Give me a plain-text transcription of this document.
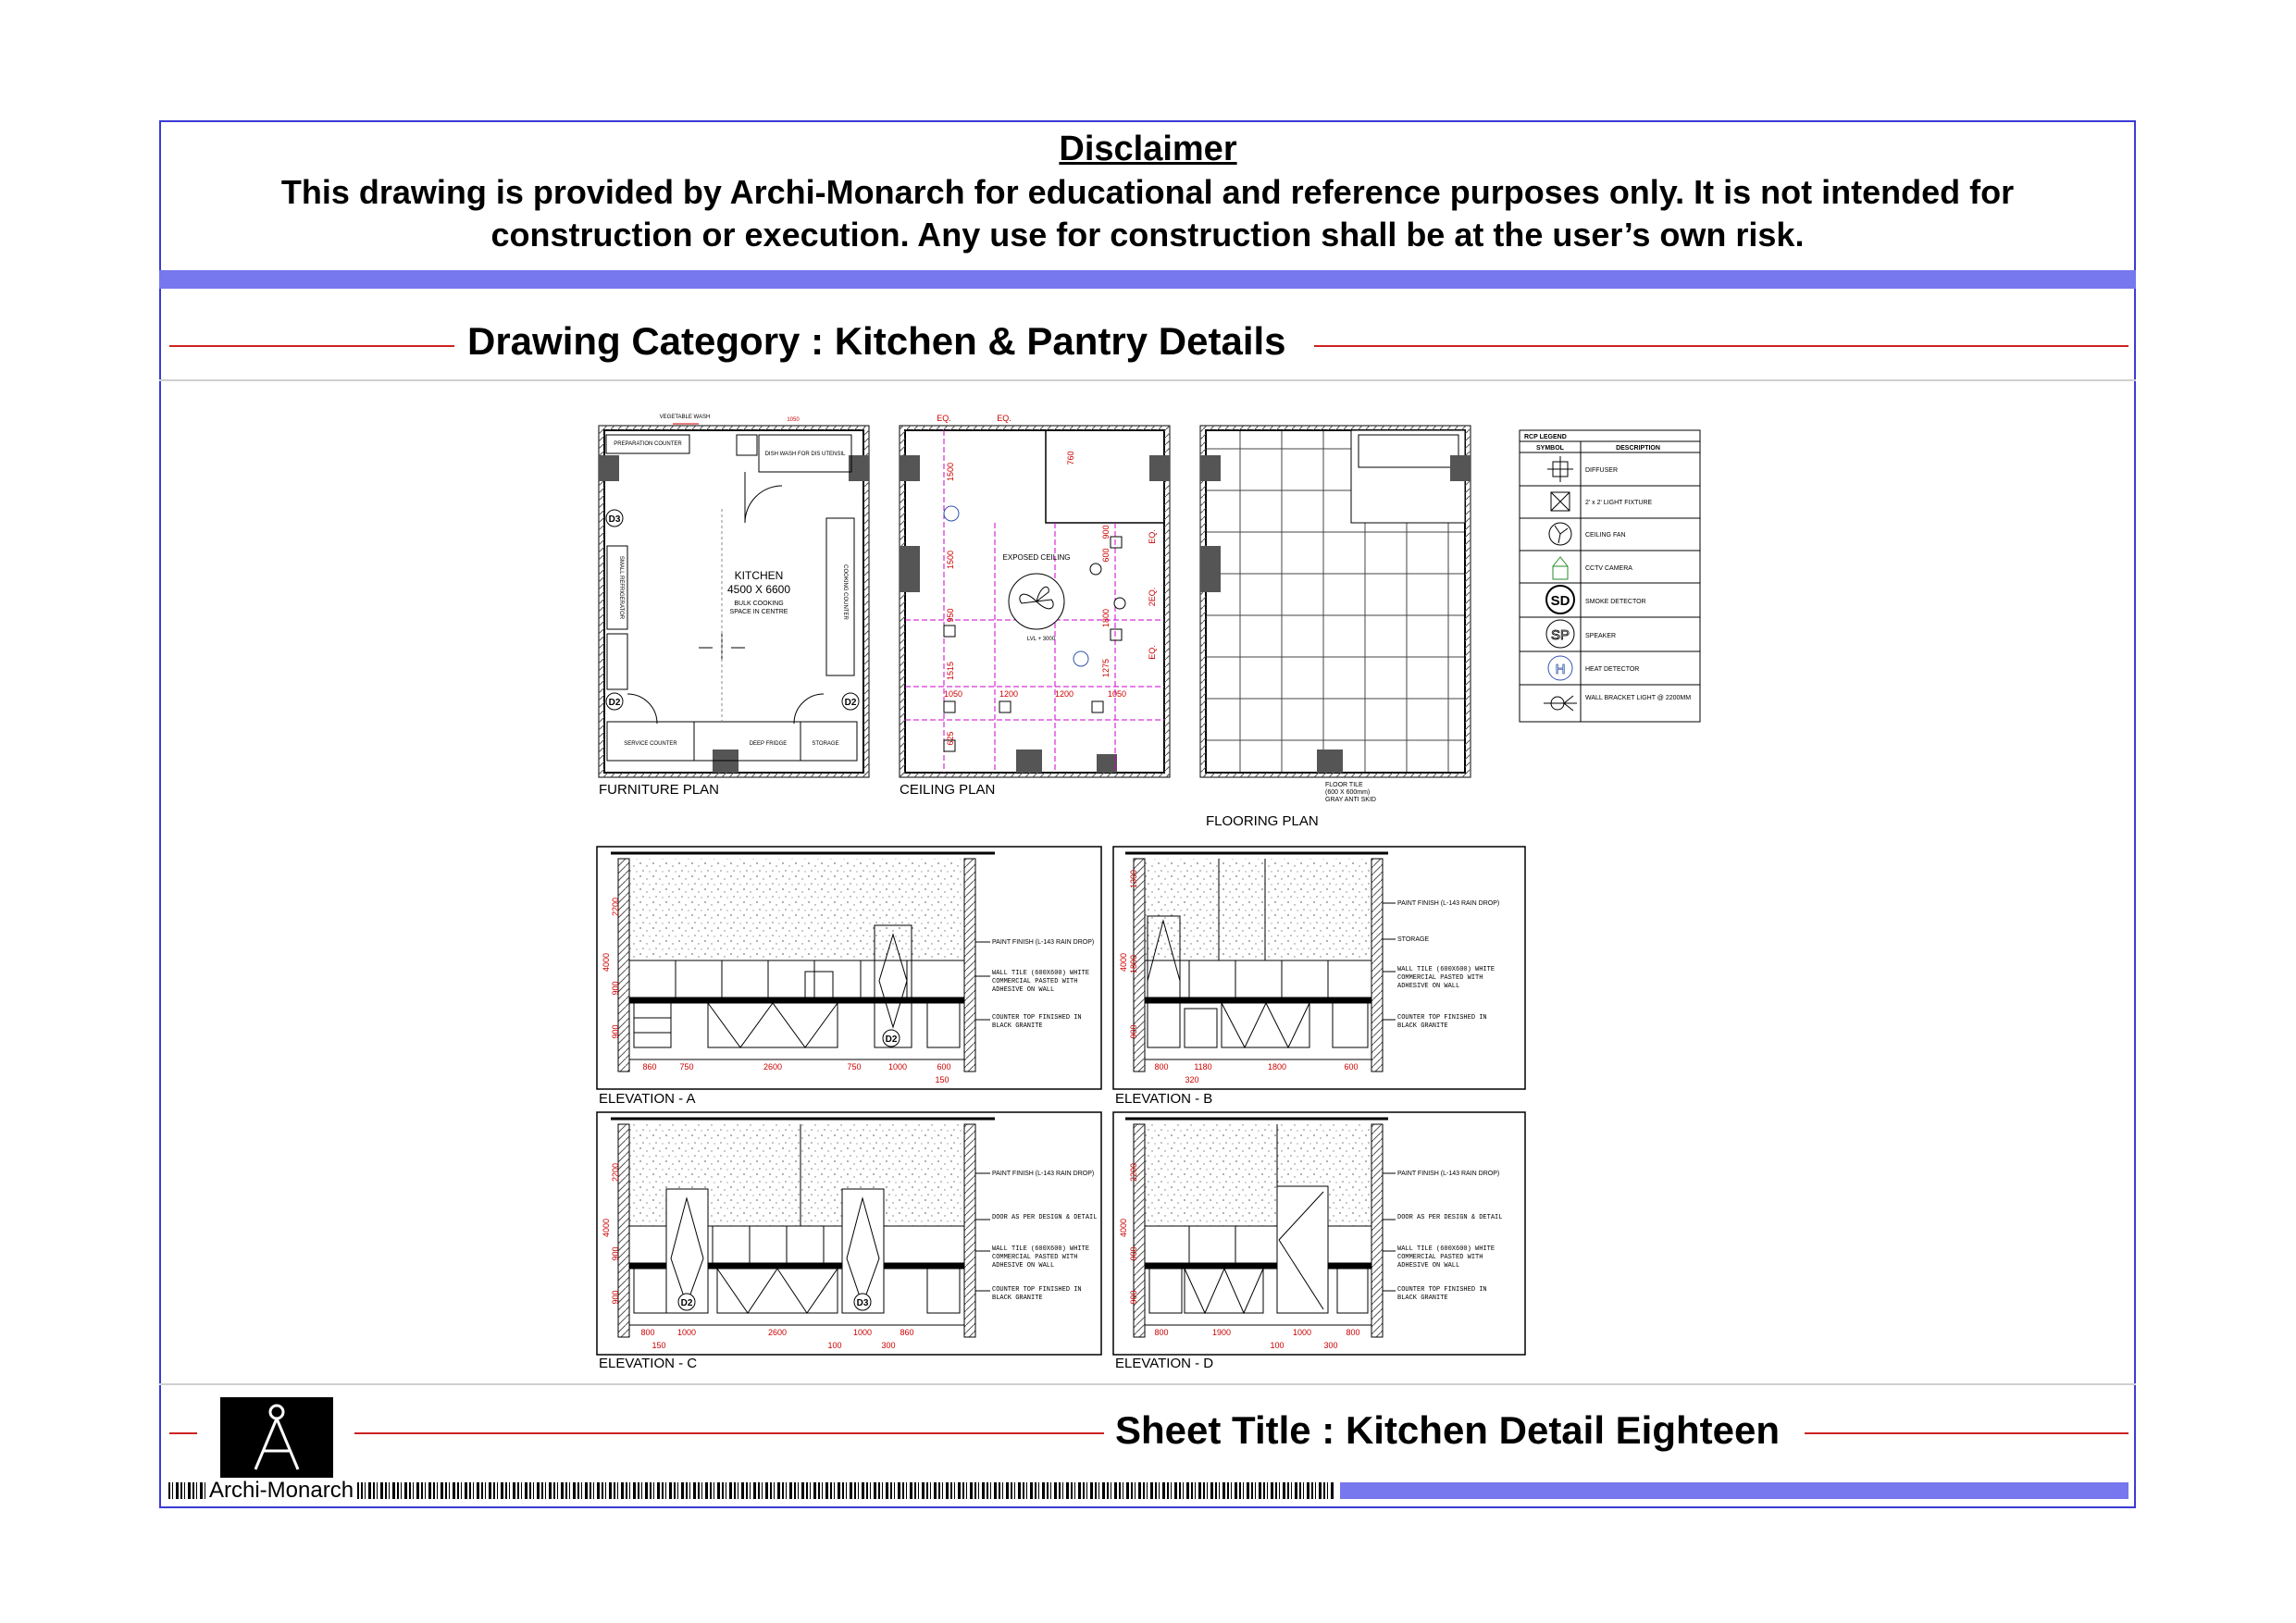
Disclaimer
This drawing is provided by Archi-Monarch for educational and reference purposes only. It is not intended for
construction or execution. Any use for construction shall be at the user’s own risk.
Drawing Category : Kitchen & Pantry Details
D3
D2	D2
KITCHEN
4500 X 6600
BULK COOKING
SPACE IN CENTRE
VEGETABLE WASH
PREPARATION COUNTER
DISH WASH FOR DIS UTENSIL
COOKING COUNTER
SMALL REFRIGERATOR
SERVICE COUNTER	DEEP FRIDGE	STORAGE
1050
FURNITURE PLAN
EXPOSED CEILING
LVL + 3000
EQ.	EQ.
1050	1200	1200	1050
1500
1500
950
1515
625
760
900
600
1800
1275
EQ.
2EQ.
EQ.
CEILING PLAN	FLOOR TILE
(600 X 600mm)
GRAY ANTI SKID
FLOORING PLAN
RCP LEGEND
SYMBOL	DESCRIPTION
DIFFUSER
2' x 2' LIGHT FIXTURE
CEILING FAN
CCTV CAMERA
SD SMOKE DETECTOR
SP SPEAKER
H	HEAT DETECTOR
WALL BRACKET LIGHT @ 2200MM
D2
860	750	2600	750	1000	600
150
4000
2200
900
900
PAINT FINISH (L-143 RAIN DROP)
WALL TILE (600X600) WHITE COMMERCIAL PASTED WITH ADHESIVE ON WALL
COUNTER TOP FINISHED IN BLACK GRANITE
ELEVATION - A
800	1180	1800	600
320
4000
1300
1800
900
PAINT FINISH (L-143 RAIN DROP)
STORAGE
WALL TILE (600X600) WHITE COMMERCIAL PASTED WITH ADHESIVE ON WALL
COUNTER TOP FINISHED IN BLACK GRANITE
ELEVATION - B
D2	D3
800	1000	2600	1000	860
150	100	300
4000
2200
900
900
PAINT FINISH (L-143 RAIN DROP)
DOOR AS PER DESIGN & DETAIL
WALL TILE (600X600) WHITE COMMERCIAL PASTED WITH ADHESIVE ON WALL
COUNTER TOP FINISHED IN BLACK GRANITE
ELEVATION - C
800	1900	1000	800
100	300
4000
2200
900
900
PAINT FINISH (L-143 RAIN DROP)
DOOR AS PER DESIGN & DETAIL
WALL TILE (600X600) WHITE COMMERCIAL PASTED WITH ADHESIVE ON WALL
COUNTER TOP FINISHED IN BLACK GRANITE
ELEVATION - D
Sheet Title : Kitchen Detail Eighteen
Archi-Monarch
